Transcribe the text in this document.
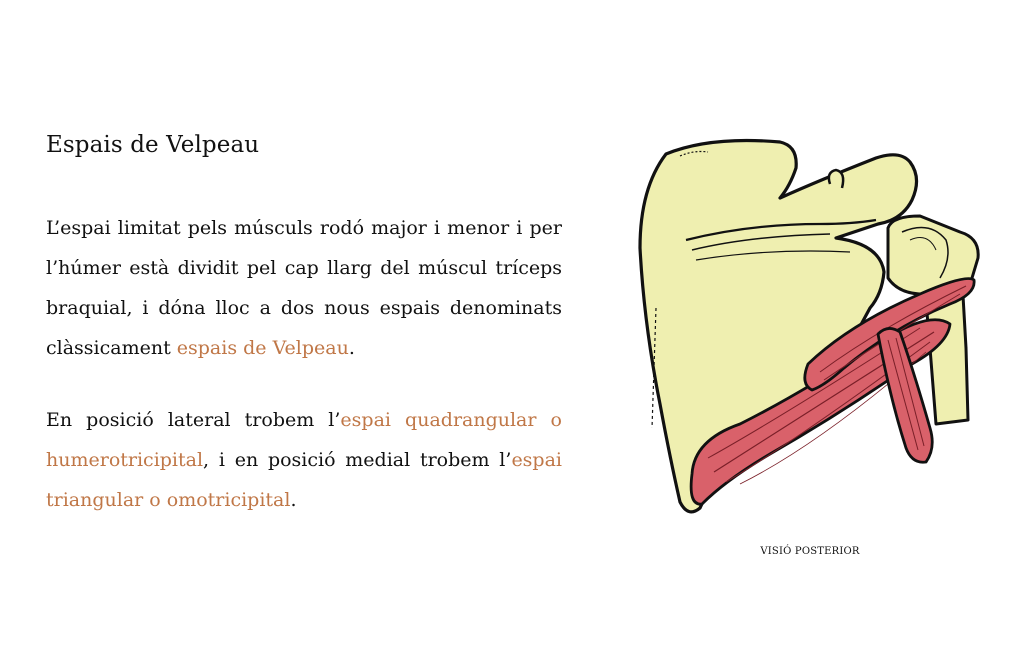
Espais de Velpeau

L’espai limitat pels músculs rodó major i menor i per l’húmer està dividit pel cap llarg del múscul tríceps braquial, i dóna lloc a dos nous espais denominats clàssicament espais de Velpeau.

En posició lateral trobem l’espai quadrangular o humerotricipital, i en posició medial trobem l’espai triangular o omotricipital.

VISIÓ POSTERIOR
